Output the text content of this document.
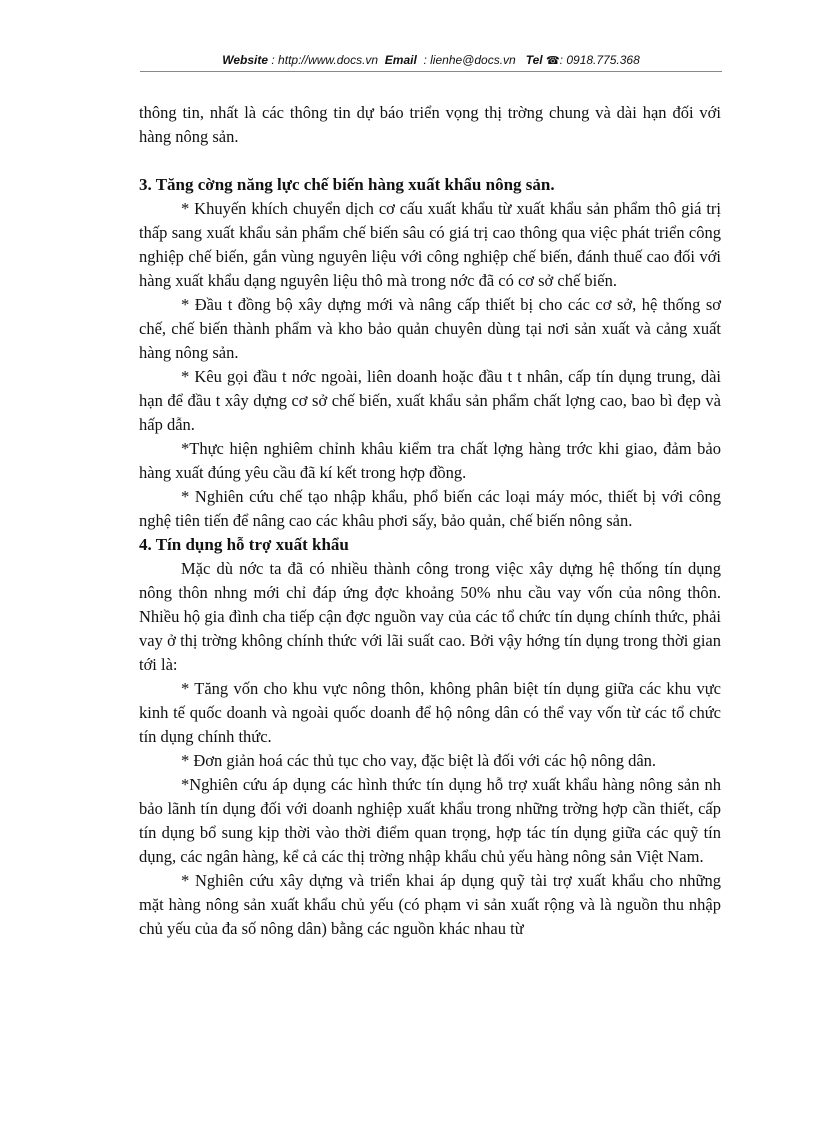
Website : http://www.docs.vn Email : lienhe@docs.vn Tel ☎: 0918.775.368

thông tin, nhất là các thông tin dự báo triển vọng thị trờng chung và dài hạn đối với hàng nông sản.

3. Tăng cờng năng lực chế biến hàng xuất khẩu nông sản.

* Khuyến khích chuyển dịch cơ cấu xuất khẩu từ xuất khẩu sản phẩm thô giá trị thấp sang xuất khẩu sản phẩm chế biến sâu có giá trị cao thông qua việc phát triển công nghiệp chế biến, gắn vùng nguyên liệu với công nghiệp chế biến, đánh thuế cao đối với hàng xuất khẩu dạng nguyên liệu thô mà trong nớc đã có cơ sở chế biến.

* Đầu t đồng bộ xây dựng mới và nâng cấp thiết bị cho các cơ sở, hệ thống sơ chế, chế biến thành phẩm và kho bảo quản chuyên dùng tại nơi sản xuất và cảng xuất hàng nông sản.

* Kêu gọi đầu t nớc ngoài, liên doanh hoặc đầu t t nhân, cấp tín dụng trung, dài hạn để đầu t xây dựng cơ sở chế biến, xuất khẩu sản phẩm chất lợng cao, bao bì đẹp và hấp dẫn.

*Thực hiện nghiêm chỉnh khâu kiểm tra chất lợng hàng trớc khi giao, đảm bảo hàng xuất đúng yêu cầu đã kí kết trong hợp đồng.

* Nghiên cứu chế tạo nhập khẩu, phổ biến các loại máy móc, thiết bị với công nghệ tiên tiến để nâng cao các khâu phơi sấy, bảo quản, chế biến nông sản.

4. Tín dụng hỗ trợ xuất khẩu

Mặc dù nớc ta đã có nhiều thành công trong việc xây dựng hệ thống tín dụng nông thôn nhng mới chỉ đáp ứng đợc khoảng 50% nhu cầu vay vốn của nông thôn. Nhiều hộ gia đình cha tiếp cận đợc nguồn vay của các tổ chức tín dụng chính thức, phải vay ở thị trờng không chính thức với lãi suất cao. Bởi vậy hớng tín dụng trong thời gian tới là:

* Tăng vốn cho khu vực nông thôn, không phân biệt tín dụng giữa các khu vực kinh tế quốc doanh và ngoài quốc doanh để hộ nông dân có thể vay vốn từ các tổ chức tín dụng chính thức.

* Đơn giản hoá các thủ tục cho vay, đặc biệt là đối với các hộ nông dân.

*Nghiên cứu áp dụng các hình thức tín dụng hỗ trợ xuất khẩu hàng nông sản nh bảo lãnh tín dụng đối với doanh nghiệp xuất khẩu trong những trờng hợp cần thiết, cấp tín dụng bổ sung kịp thời vào thời điểm quan trọng, hợp tác tín dụng giữa các quỹ tín dụng, các ngân hàng, kể cả các thị trờng nhập khẩu chủ yếu hàng nông sản Việt Nam.

* Nghiên cứu xây dựng và triển khai áp dụng quỹ tài trợ xuất khẩu cho những mặt hàng nông sản xuất khẩu chủ yếu (có phạm vi sản xuất rộng và là nguồn thu nhập chủ yếu của đa số nông dân) bằng các nguồn khác nhau từ
